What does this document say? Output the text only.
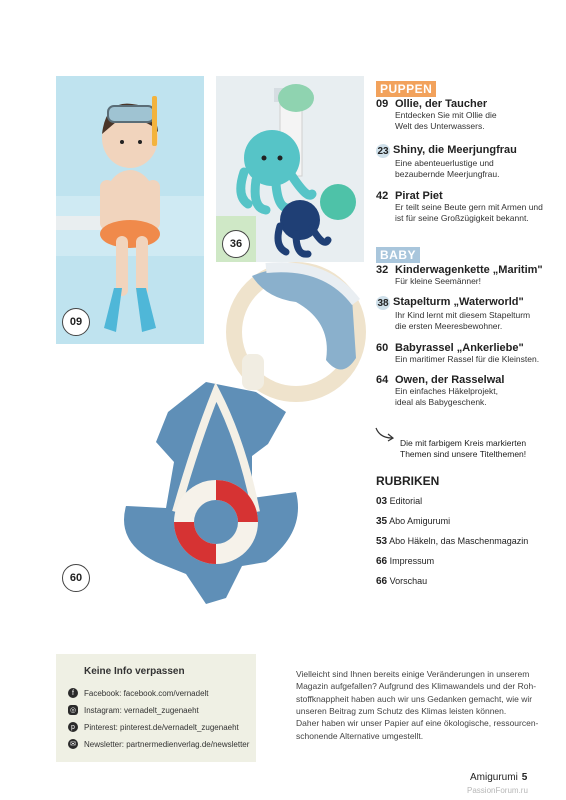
09
36
60
PUPPEN
09 Ollie, der Taucher
Entdecken Sie mit Ollie die
Welt des Unterwassers.
23 Shiny, die Meerjungfrau
Eine abenteuerlustige und
bezaubernde Meerjungfrau.
42 Pirat Piet
Er teilt seine Beute gern mit Armen und
ist für seine Großzügigkeit bekannt.
BABY
32 Kinderwagenkette „Maritim"
Für kleine Seemänner!
38 Stapelturm „Waterworld"
Ihr Kind lernt mit diesem Stapelturm
die ersten Meeresbewohner.
60 Babyrassel „Ankerliebe"
Ein maritimer Rassel für die Kleinsten.
64 Owen, der Rasselwal
Ein einfaches Häkelprojekt,
ideal als Babygeschenk.
Die mit farbigem Kreis markierten
Themen sind unsere Titelthemen!
RUBRIKEN
03 Editorial
35 Abo Amigurumi
53 Abo Häkeln, das Maschenmagazin
66 Impressum
66 Vorschau
Keine Info verpassen
f	Facebook: facebook.com/vernadelt
◎ Instagram: vernadelt_zugenaeht
p	Pinterest: pinterest.de/vernadelt_zugenaeht
✉ Newsletter: partnermedienverlag.de/newsletter
Vielleicht sind Ihnen bereits einige Veränderungen in unserem
Magazin aufgefallen? Aufgrund des Klimawandels und der Roh-
stoffknappheit haben auch wir uns Gedanken gemacht, wie wir
unseren Beitrag zum Schutz des Klimas leisten können.
Daher haben wir unser Papier auf eine ökologische, ressourcen-
schonende Alternative umgestellt.
Amigurumi 5
PassionForum.ru
